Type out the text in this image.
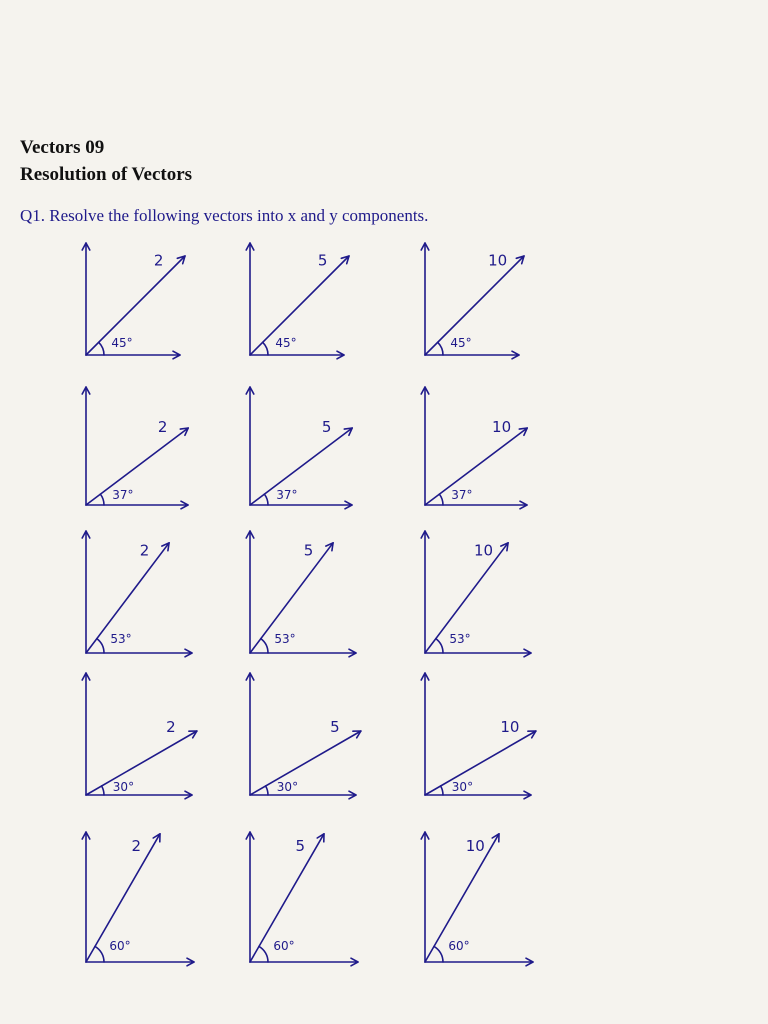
Vectors 09
Resolution of Vectors

Q1. Resolve the following vectors into x and y components.

45°
2
45°
5
45°
10
37°
2
37°
5
37°
10
53°
2
53°
5
53°
10
30°
2
30°
5
30°
10
60°
2
60°
5
60°
10
